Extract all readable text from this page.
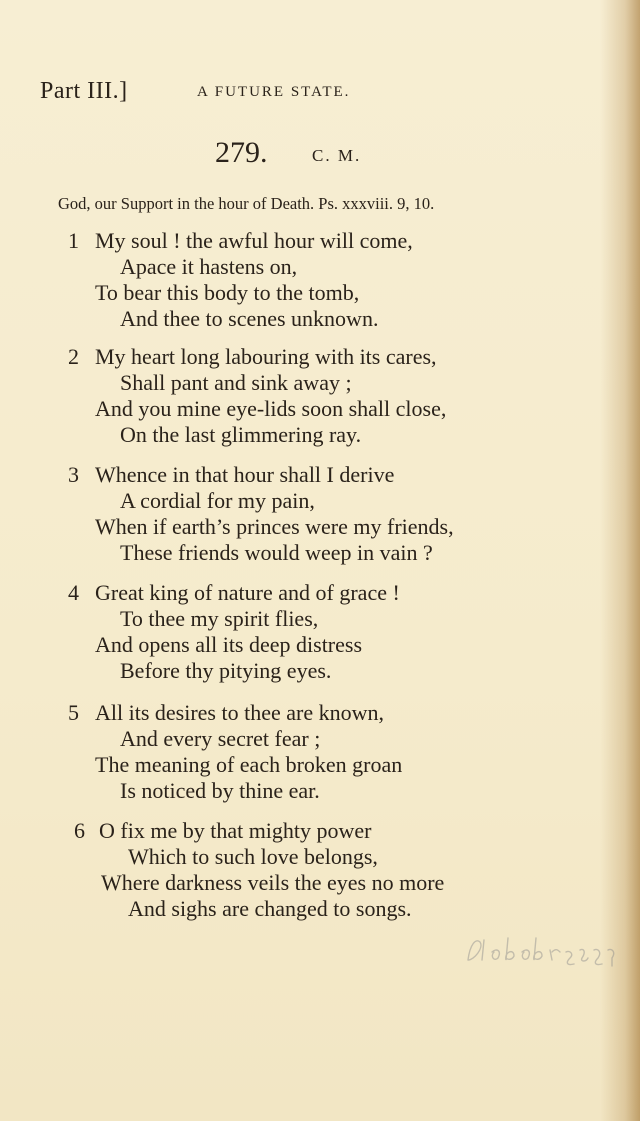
Part III.]	A FUTURE STATE.
279.	C. M.
God, our Support in the hour of Death. Ps. xxxviii. 9, 10.
1 My soul ! the awful hour will come,
Apace it hastens on,
To bear this body to the tomb,
And thee to scenes unknown.
2 My heart long labouring with its cares,
Shall pant and sink away ;
And you mine eye-lids soon shall close,
On the last glimmering ray.
3 Whence in that hour shall I derive
A cordial for my pain,
When if earth’s princes were my friends,
These friends would weep in vain ?
4 Great king of nature and of grace !
To thee my spirit flies,
And opens all its deep distress
Before thy pitying eyes.
5 All its desires to thee are known,
And every secret fear ;
The meaning of each broken groan
Is noticed by thine ear.
6 O fix me by that mighty power
Which to such love belongs,
Where darkness veils the eyes no more
And sighs are changed to songs.
